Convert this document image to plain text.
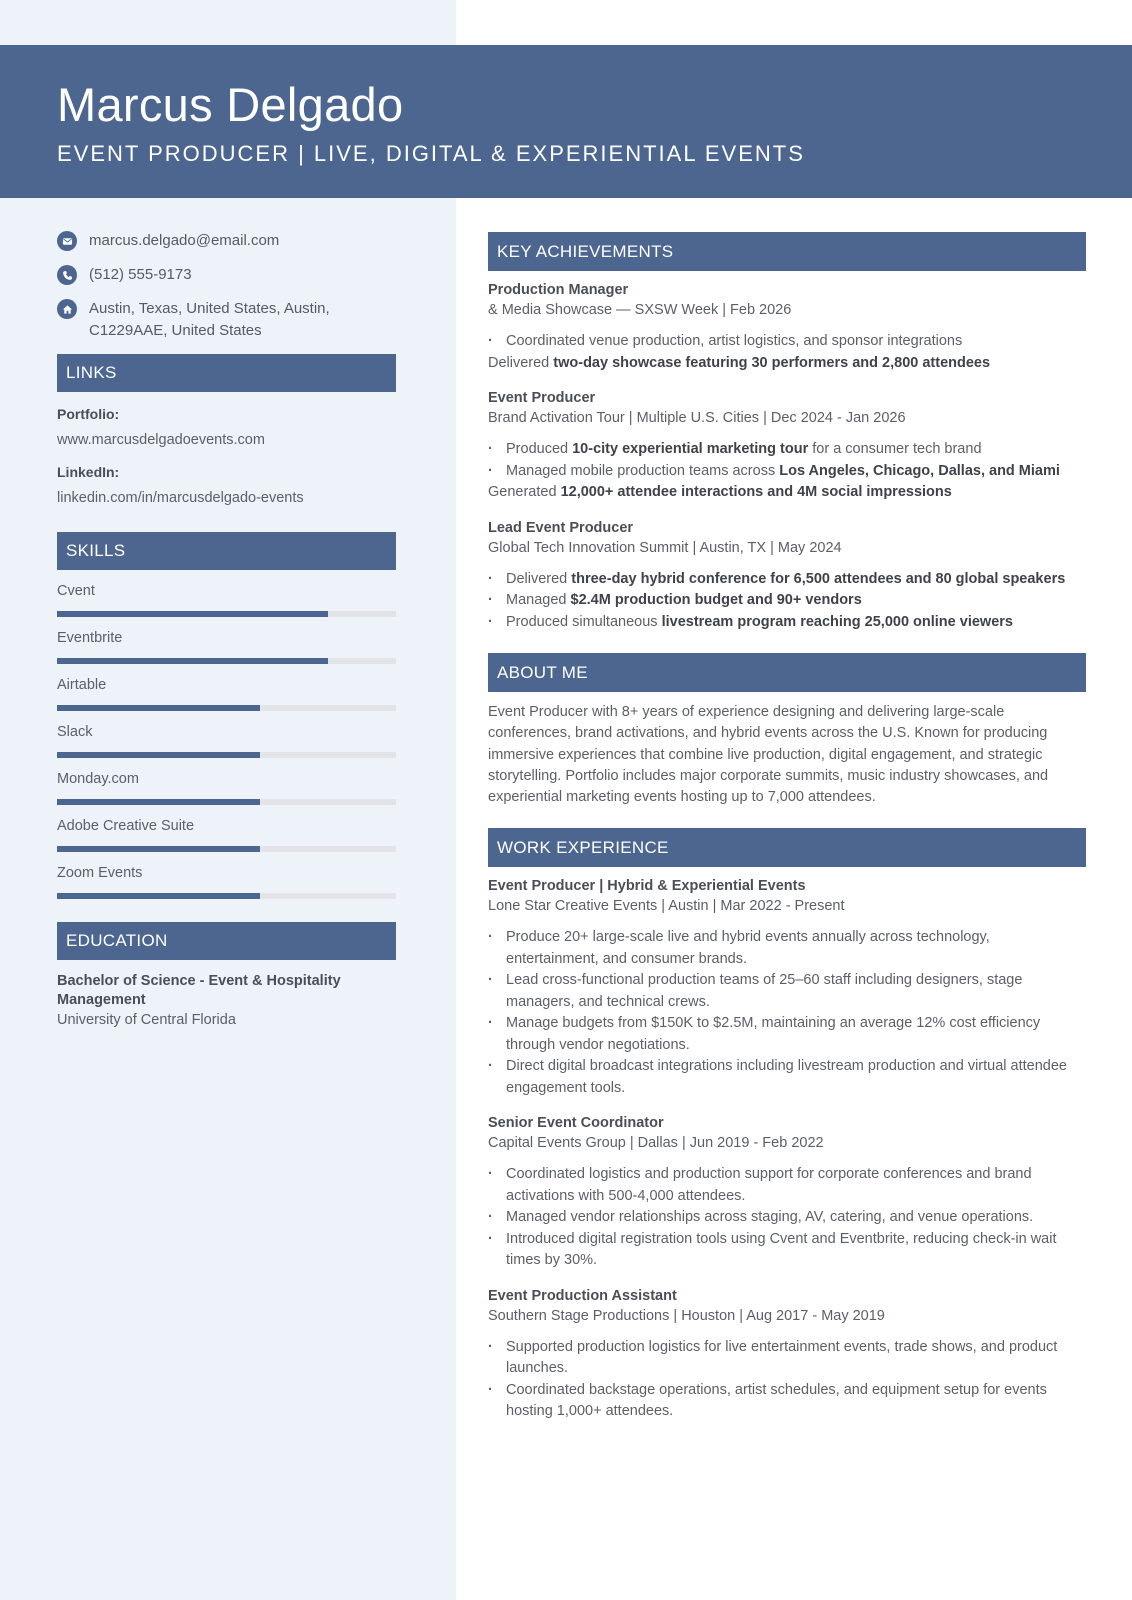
Marcus Delgado
EVENT PRODUCER | LIVE, DIGITAL & EXPERIENTIAL EVENTS
marcus.delgado@email.com
(512) 555-9173
Austin, Texas, United States, Austin,
C1229AAE, United States
LINKS
Portfolio:
www.marcusdelgadoevents.com
LinkedIn:
linkedin.com/in/marcusdelgado-events
SKILLS
Cvent
Eventbrite
Airtable
Slack
Monday.com
Adobe Creative Suite
Zoom Events
EDUCATION
Bachelor of Science - Event & Hospitality Management
University of Central Florida
KEY ACHIEVEMENTS
Production Manager
& Media Showcase — SXSW Week | Feb 2026
· Coordinated venue production, artist logistics, and sponsor integrations
Delivered two-day showcase featuring 30 performers and 2,800 attendees
Event Producer
Brand Activation Tour | Multiple U.S. Cities | Dec 2024 - Jan 2026
· Produced 10-city experiential marketing tour for a consumer tech brand
· Managed mobile production teams across Los Angeles, Chicago, Dallas, and Miami
Generated 12,000+ attendee interactions and 4M social impressions
Lead Event Producer
Global Tech Innovation Summit | Austin, TX | May 2024
· Delivered three-day hybrid conference for 6,500 attendees and 80 global speakers
· Managed $2.4M production budget and 90+ vendors
· Produced simultaneous livestream program reaching 25,000 online viewers
ABOUT ME

Event Producer with 8+ years of experience designing and delivering large-scale conferences, brand activations, and hybrid events across the U.S. Known for producing immersive experiences that combine live production, digital engagement, and strategic storytelling. Portfolio includes major corporate summits, music industry showcases, and experiential marketing events hosting up to 7,000 attendees.

WORK EXPERIENCE
Event Producer | Hybrid & Experiential Events
Lone Star Creative Events | Austin | Mar 2022 - Present
· Produce 20+ large-scale live and hybrid events annually across technology, entertainment, and consumer brands.
· Lead cross-functional production teams of 25–60 staff including designers, stage managers, and technical crews.
· Manage budgets from $150K to $2.5M, maintaining an average 12% cost efficiency through vendor negotiations.
· Direct digital broadcast integrations including livestream production and virtual attendee engagement tools.
Senior Event Coordinator
Capital Events Group | Dallas | Jun 2019 - Feb 2022
· Coordinated logistics and production support for corporate conferences and brand activations with 500-4,000 attendees.
· Managed vendor relationships across staging, AV, catering, and venue operations.
· Introduced digital registration tools using Cvent and Eventbrite, reducing check-in wait times by 30%.
Event Production Assistant
Southern Stage Productions | Houston | Aug 2017 - May 2019
· Supported production logistics for live entertainment events, trade shows, and product launches.
· Coordinated backstage operations, artist schedules, and equipment setup for events hosting 1,000+ attendees.
